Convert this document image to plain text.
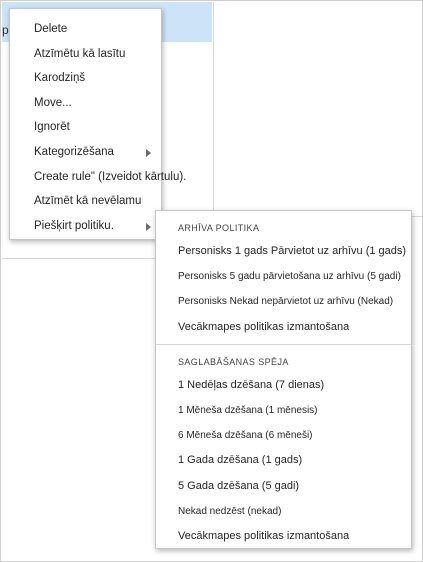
p	Delete
Atzīmētu kā lasītu
Karodziņš
Move...
Ignorēt
Kategorizēšana
Create rule" (Izveidot kārtulu).
Atzīmēt kā nevēlamu
Piešķirt politiku.	ARHĪVA POLITIKA
Personisks 1 gads Pārvietot uz arhīvu (1 gads)
Personisks 5 gadu pārvietošana uz arhīvu (5 gadi)
Personisks Nekad nepārvietot uz arhīvu (Nekad)
Vecākmapes politikas izmantošana
SAGLABĀŠANAS SPĒJA
1 Nedēļas dzēšana (7 dienas)
1 Mēneša dzēšana (1 mēnesis)
6 Mēneša dzēšana (6 mēneši)
1 Gada dzēšana (1 gads)
5 Gada dzēšana (5 gadi)
Nekad nedzēst (nekad)
Vecākmapes politikas izmantošana
